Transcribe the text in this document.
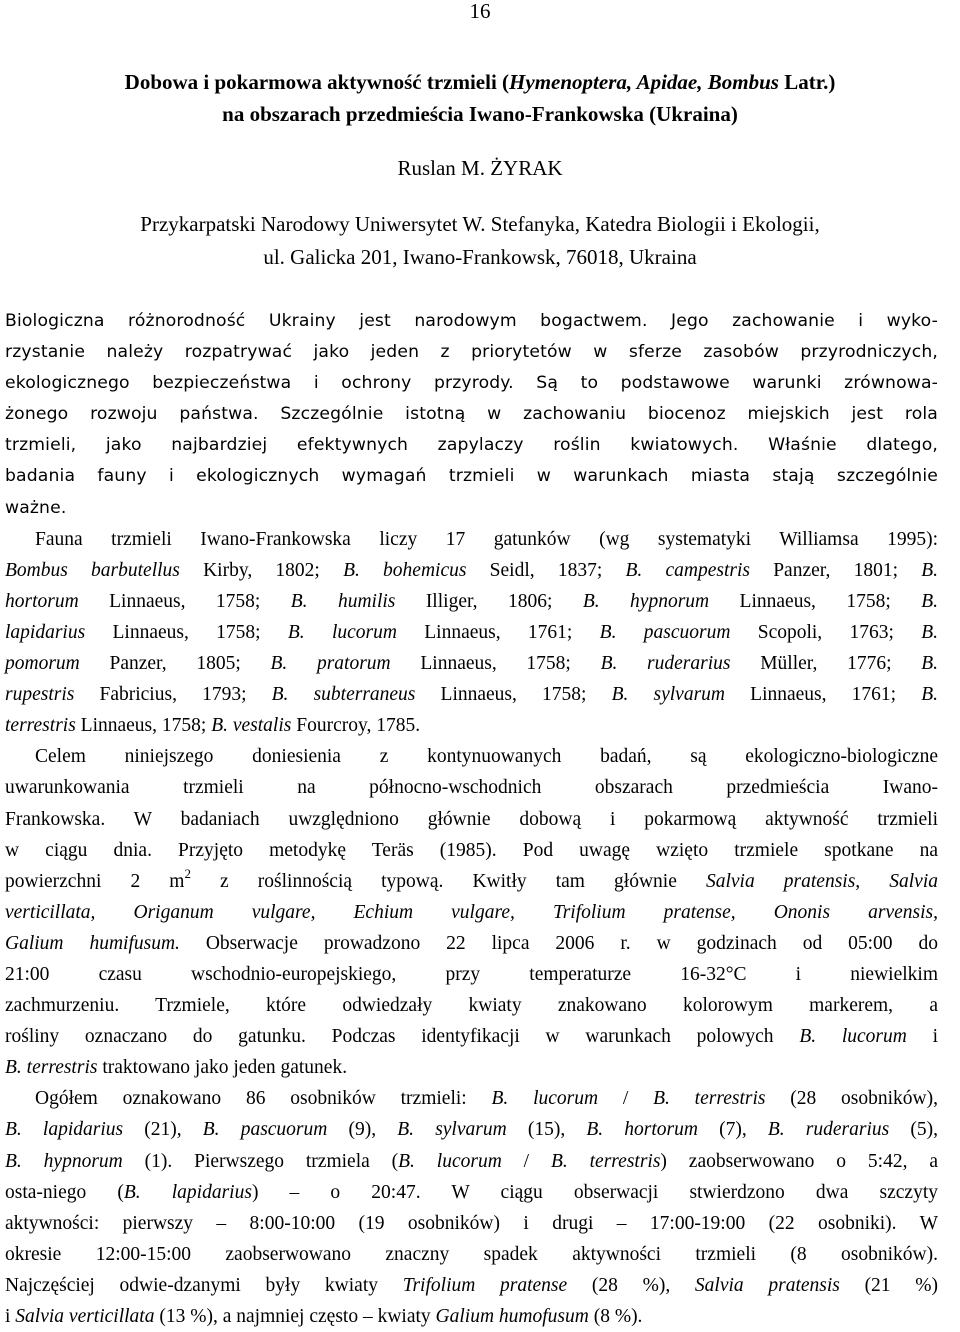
16
Dobowa i pokarmowa aktywność trzmieli (Hymenoptera, Apidae, Bombus Latr.)
na obszarach przedmieścia Iwano-Frankowska (Ukraina)
Ruslan M. ŻYRAK
Przykarpatski Narodowy Uniwersytet W. Stefanyka, Katedra Biologii i Ekologii,
ul. Galicka 201, Iwano-Frankowsk, 76018, Ukraina

Biologiczna różnorodność Ukrainy jest narodowym bogactwem. Jego zachowanie i wyko-
rzystanie należy rozpatrywać jako jeden z priorytetów w sferze zasobów przyrodniczych,
ekologicznego bezpieczeństwa i ochrony przyrody. Są to podstawowe warunki zrównowa-
żonego rozwoju państwa. Szczególnie istotną w zachowaniu biocenoz miejskich jest rola
trzmieli, jako najbardziej efektywnych zapylaczy roślin kwiatowych. Właśnie dlatego,
badania fauny i ekologicznych wymagań trzmieli w warunkach miasta stają szczególnie
ważne.

Fauna trzmieli Iwano-Frankowska liczy 17 gatunków (wg systematyki Williamsa 1995):
Bombus barbutellus Kirby, 1802; B. bohemicus Seidl, 1837; B. campestris Panzer, 1801; B.
hortorum Linnaeus, 1758; B. humilis Illiger, 1806; B. hypnorum Linnaeus, 1758; B.
lapidarius Linnaeus, 1758; B. lucorum Linnaeus, 1761; B. pascuorum Scopoli, 1763; B.
pomorum Panzer, 1805; B. pratorum Linnaeus, 1758; B. ruderarius Müller, 1776; B.
rupestris Fabricius, 1793; B. subterraneus Linnaeus, 1758; B. sylvarum Linnaeus, 1761; B.
terrestris Linnaeus, 1758; B. vestalis Fourcroy, 1785.

Celem niniejszego doniesienia z kontynuowanych badań, są ekologiczno-biologiczne
uwarunkowania trzmieli na północno-wschodnich obszarach przedmieścia Iwano-
Frankowska. W badaniach uwzględniono głównie dobową i pokarmową aktywność trzmieli
w ciągu dnia. Przyjęto metodykę Teräs (1985). Pod uwagę wzięto trzmiele spotkane na
powierzchni 2 $m^2$ z roślinnością typową. Kwitły tam głównie Salvia pratensis, Salvia
verticillata, Origanum vulgare, Echium vulgare, Trifolium pratense, Ononis arvensis,
Galium humifusum. Obserwacje prowadzono 22 lipca 2006 r. w godzinach od 05:00 do
21:00 czasu wschodnio-europejskiego, przy temperaturze 16-32°C i niewielkim
zachmurzeniu. Trzmiele, które odwiedzały kwiaty znakowano kolorowym markerem, a
rośliny oznaczano do gatunku. Podczas identyfikacji w warunkach polowych B. lucorum i
B. terrestris traktowano jako jeden gatunek.

Ogółem oznakowano 86 osobników trzmieli: B. lucorum / B. terrestris (28 osobników),
B. lapidarius (21), B. pascuorum (9), B. sylvarum (15), B. hortorum (7), B. ruderarius (5),
B. hypnorum (1). Pierwszego trzmiela (B. lucorum / B. terrestris) zaobserwowano o 5:42, a
osta-niego (B. lapidarius) – o 20:47. W ciągu obserwacji stwierdzono dwa szczyty
aktywności: pierwszy – 8:00-10:00 (19 osobników) i drugi – 17:00-19:00 (22 osobniki). W
okresie 12:00-15:00 zaobserwowano znaczny spadek aktywności trzmieli (8 osobników).
Najczęściej odwie-dzanymi były kwiaty Trifolium pratense (28 %), Salvia pratensis (21 %)
i Salvia verticillata (13 %), a najmniej często – kwiaty Galium humofusum (8 %).
